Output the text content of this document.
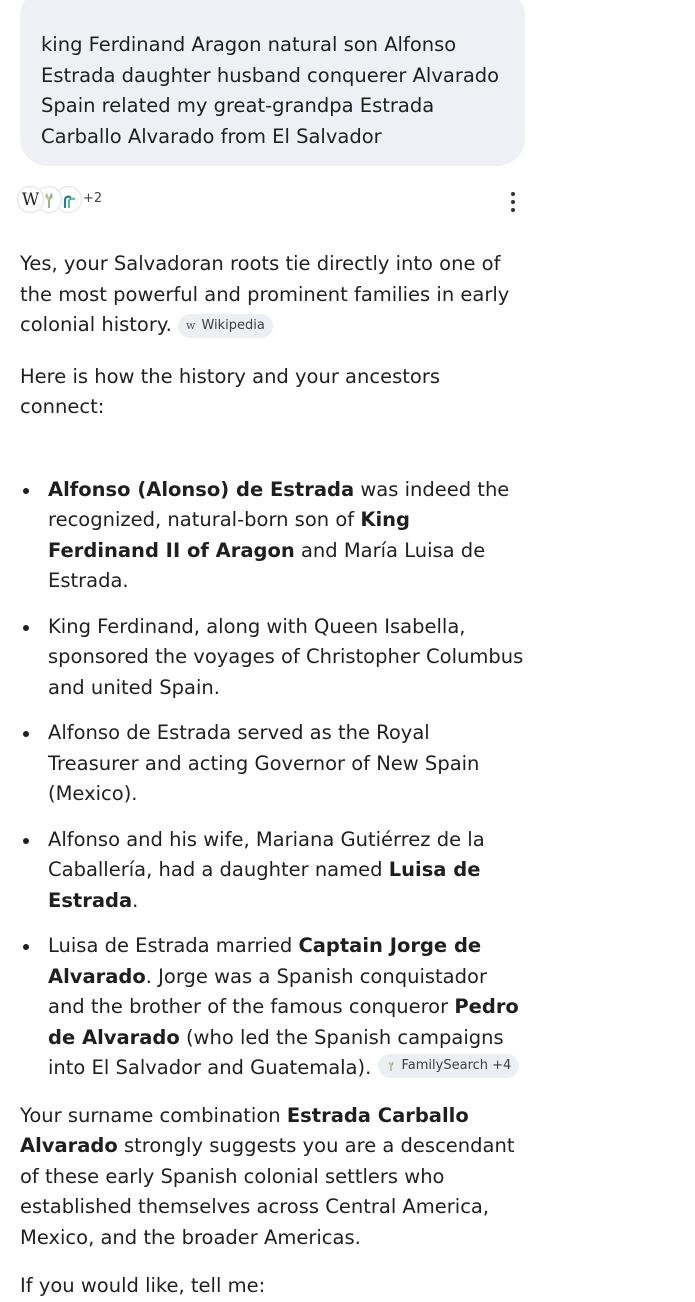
king Ferdinand Aragon natural son Alfonso
Estrada daughter husband conquerer Alvarado
Spain related my great-grandpa Estrada
Carballo Alvarado from El Salvador
W	+2

Yes, your Salvadoran roots tie directly into one of the most powerful and prominent families in early colonial history. w Wikipedia

Here is how the history and your ancestors connect:

Alfonso (Alonso) de Estrada was indeed the recognized, natural-born son of King Ferdinand II of Aragon and María Luisa de Estrada.
King Ferdinand, along with Queen Isabella, sponsored the voyages of Christopher Columbus and united Spain.
Alfonso de Estrada served as the Royal Treasurer and acting Governor of New Spain (Mexico).
Alfonso and his wife, Mariana Gutiérrez de la Caballería, had a daughter named Luisa de Estrada.
Luisa de Estrada married Captain Jorge de Alvarado. Jorge was a Spanish conquistador and the brother of the famous conqueror Pedro de Alvarado (who led the Spanish campaigns into El Salvador and Guatemala). FamilySearch +4

Your surname combination Estrada Carballo Alvarado strongly suggests you are a descendant of these early Spanish colonial settlers who established themselves across Central America, Mexico, and the broader Americas.

If you would like, tell me:
